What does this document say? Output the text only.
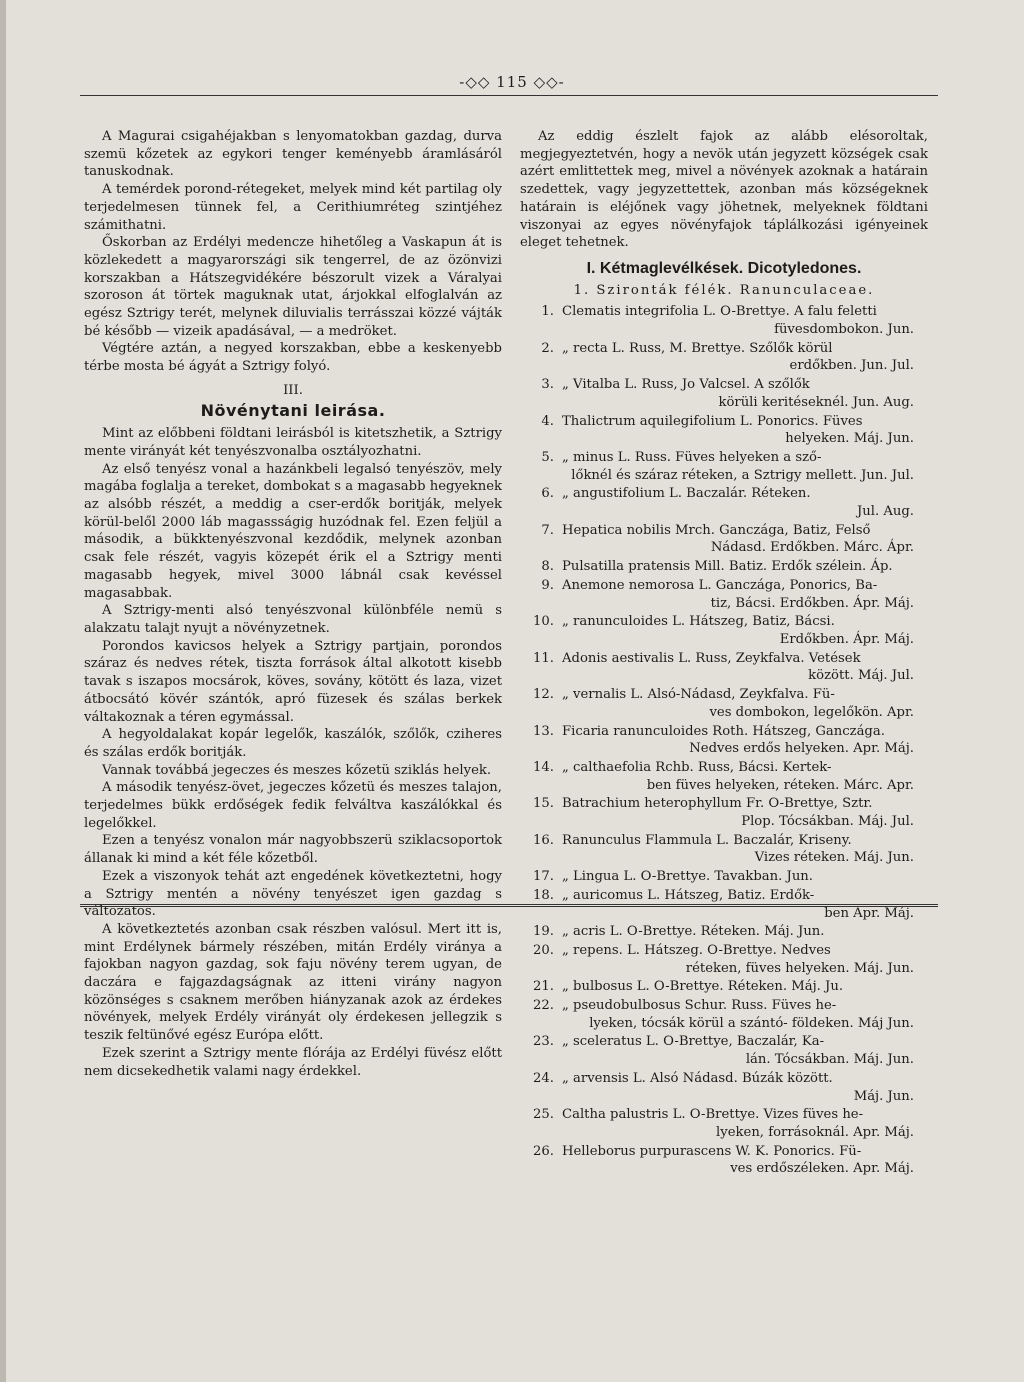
-◇◇ 115 ◇◇-

A Magurai csigahéjakban s lenyomatokban gazdag, durva szemü kőzetek az egykori tenger keményebb áramlásáról tanuskodnak.

A temérdek porond-rétegeket, melyek mind két partilag oly terjedelmesen tünnek fel, a Cerithiumréteg szintjéhez számithatni.

Őskorban az Erdélyi medencze hihetőleg a Vaskapun át is közlekedett a magyarországi sik tengerrel, de az özönvizi korszakban a Hátszegvidékére bészorult vizek a Váralyai szoroson át törtek maguknak utat, árjokkal elfoglalván az egész Sztrigy terét, melynek diluvialis terrásszai közzé vájták bé később — vizeik apadásával, — a medröket.

Végtére aztán, a negyed korszakban, ebbe a keskenyebb térbe mosta bé ágyát a Sztrigy folyó.

III.
Növénytani leirása.

Mint az előbbeni földtani leirásból is kitetszhetik, a Sztrigy mente virányát két tenyészvonalba osztályozhatni.

Az első tenyész vonal a hazánkbeli legalsó tenyészöv, mely magába foglalja a tereket, dombokat s a magasabb hegyeknek az alsóbb részét, a meddig a cser-erdők boritják, melyek körül-belől 2000 láb magassságig huzódnak fel. Ezen feljül a második, a bükktenyészvonal kezdődik, melynek azonban csak fele részét, vagyis közepét érik el a Sztrigy menti magasabb hegyek, mivel 3000 lábnál csak kevéssel magasabbak.

A Sztrigy-menti alsó tenyészvonal különbféle nemü s alakzatu talajt nyujt a növényzetnek.

Porondos kavicsos helyek a Sztrigy partjain, porondos száraz és nedves rétek, tiszta források által alkotott kisebb tavak s iszapos mocsárok, köves, sovány, kötött és laza, vizet átbocsátó kövér szántók, apró füzesek és szálas berkek váltakoznak a téren egymással.

A hegyoldalakat kopár legelők, kaszálók, szőlők, cziheres és szálas erdők boritják.

Vannak továbbá jegeczes és meszes kőzetü sziklás helyek.

A második tenyész-övet, jegeczes kőzetü és meszes talajon, terjedelmes bükk erdőségek fedik felváltva kaszálókkal és legelőkkel.

Ezen a tenyész vonalon már nagyobbszerü sziklacsoportok állanak ki mind a két féle kőzetből.

Ezek a viszonyok tehát azt engedének következtetni, hogy a Sztrigy mentén a növény tenyészet igen gazdag s változatos.

A következtetés azonban csak részben valósul. Mert itt is, mint Erdélynek bármely részében, mitán Erdély viránya a fajokban nagyon gazdag, sok faju növény terem ugyan, de daczára e fajgazdagságnak az itteni virány nagyon közönséges s csaknem merőben hiányzanak azok az érdekes növények, melyek Erdély virányát oly érdekesen jellegzik s teszik feltünővé egész Európa előtt.

Ezek szerint a Sztrigy mente flórája az Erdélyi füvész előtt nem dicsekedhetik valami nagy érdekkel.

Az eddig észlelt fajok az alább elésoroltak, megjegyeztetvén, hogy a nevök után jegyzett községek csak azért emlittettek meg, mivel a növények azoknak a határain szedettek, vagy jegyzettettek, azonban más községeknek határain is eléjőnek vagy jöhetnek, melyeknek földtani viszonyai az egyes növényfajok táplálkozási igényeinek eleget tehetnek.
I. Kétmaglevélkések. Dicotyledones.
1. Szironták félék. Ranunculaceae.
1. Clematis integrifolia L. O-Brettye. A falu feletti
füvesdombokon. Jun.
2. „ recta L. Russ, M. Brettye. Szőlők körül
erdőkben. Jun. Jul.
3. „ Vitalba L. Russ, Jo Valcsel. A szőlők
körüli keritéseknél. Jun. Aug.
4. Thalictrum aquilegifolium L. Ponorics. Füves
helyeken. Máj. Jun.
5. „ minus L. Russ. Füves helyeken a sző-
lőknél és száraz réteken, a Sztrigy mellett. Jun. Jul.
6. „ angustifolium L. Baczalár. Réteken.
Jul. Aug.
7. Hepatica nobilis Mrch. Ganczága, Batiz, Felső
Nádasd. Erdőkben. Márc. Ápr.
8. Pulsatilla pratensis Mill. Batiz. Erdők szélein. Áp.
9. Anemone nemorosa L. Ganczága, Ponorics, Ba-
tiz, Bácsi. Erdőkben. Ápr. Máj.
10. „ ranunculoides L. Hátszeg, Batiz, Bácsi.
Erdőkben. Ápr. Máj.
11. Adonis aestivalis L. Russ, Zeykfalva. Vetések
között. Máj. Jul.
12. „ vernalis L. Alsó-Nádasd, Zeykfalva. Fü-
ves dombokon, legelőkön. Apr.
13. Ficaria ranunculoides Roth. Hátszeg, Ganczága.
Nedves erdős helyeken. Apr. Máj.
14. „ calthaefolia Rchb. Russ, Bácsi. Kertek-
ben füves helyeken, réteken. Márc. Apr.
15. Batrachium heterophyllum Fr. O-Brettye, Sztr.
Plop. Tócsákban. Máj. Jul.
16. Ranunculus Flammula L. Baczalár, Kriseny.
Vizes réteken. Máj. Jun.
17. „ Lingua L. O-Brettye. Tavakban. Jun.
18. „ auricomus L. Hátszeg, Batiz. Erdők-
ben Apr. Máj.
19. „ acris L. O-Brettye. Réteken. Máj. Jun.
20. „ repens. L. Hátszeg. O-Brettye. Nedves
réteken, füves helyeken. Máj. Jun.
21. „ bulbosus L. O-Brettye. Réteken. Máj. Ju.
22. „ pseudobulbosus Schur. Russ. Füves he-
lyeken, tócsák körül a szántó- földeken. Máj Jun.
23. „ sceleratus L. O-Brettye, Baczalár, Ka-
lán. Tócsákban. Máj. Jun.
24. „ arvensis L. Alsó Nádasd. Búzák között.
Máj. Jun.
25. Caltha palustris L. O-Brettye. Vizes füves he-
lyeken, forrásoknál. Apr. Máj.
26. Helleborus purpurascens W. K. Ponorics. Fü-
ves erdőszéleken. Apr. Máj.
